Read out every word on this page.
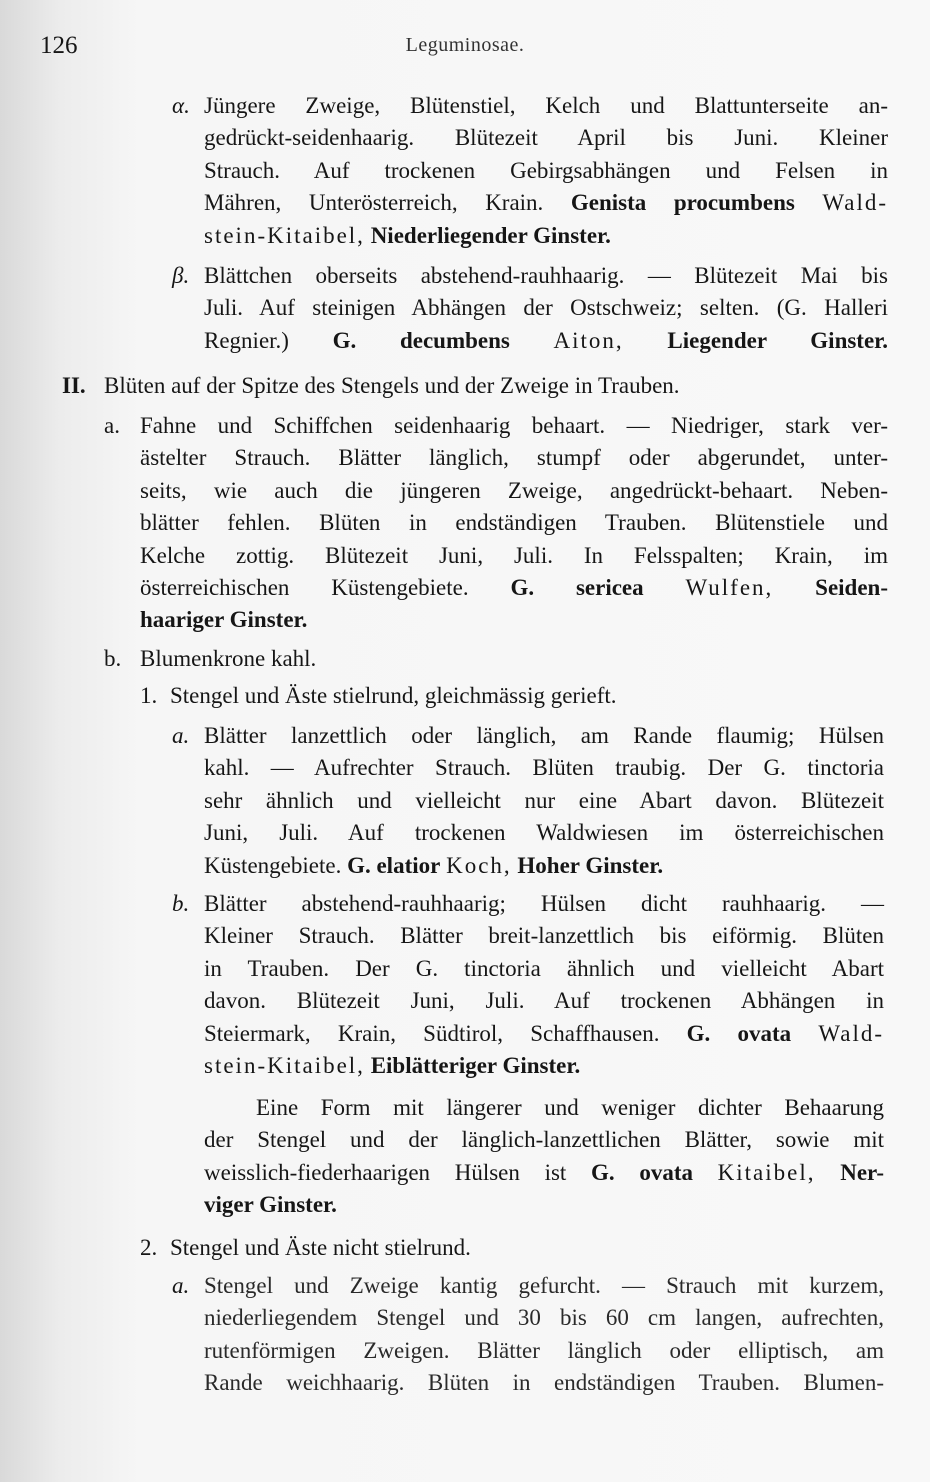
126	Leguminosae.
α. Jüngere Zweige, Blütenstiel, Kelch und Blattunterseite an-
gedrückt-seidenhaarig. Blütezeit April bis Juni. Kleiner
Strauch. Auf trockenen Gebirgsabhängen und Felsen in
Mähren, Unterösterreich, Krain. Genista procumbens Wald-
stein-Kitaibel, Niederliegender Ginster.
β. Blättchen oberseits abstehend-rauhhaarig. — Blütezeit Mai bis
Juli. Auf steinigen Abhängen der Ostschweiz; selten. (G. Halleri
Regnier.) G. decumbens Aiton, Liegender Ginster.
II. Blüten auf der Spitze des Stengels und der Zweige in Trauben.
a. Fahne und Schiffchen seidenhaarig behaart. — Niedriger, stark ver-
ästelter Strauch. Blätter länglich, stumpf oder abgerundet, unter-
seits, wie auch die jüngeren Zweige, angedrückt-behaart. Neben-
blätter fehlen. Blüten in endständigen Trauben. Blütenstiele und
Kelche zottig. Blütezeit Juni, Juli. In Felsspalten; Krain, im
österreichischen Küstengebiete. G. sericea Wulfen, Seiden-
haariger Ginster.
b. Blumenkrone kahl.
1. Stengel und Äste stielrund, gleichmässig gerieft.
a. Blätter lanzettlich oder länglich, am Rande flaumig; Hülsen
kahl. — Aufrechter Strauch. Blüten traubig. Der G. tinctoria
sehr ähnlich und vielleicht nur eine Abart davon. Blütezeit
Juni, Juli. Auf trockenen Waldwiesen im österreichischen
Küstengebiete. G. elatior Koch, Hoher Ginster.
b. Blätter abstehend-rauhhaarig; Hülsen dicht rauhhaarig. —
Kleiner Strauch. Blätter breit-lanzettlich bis eiförmig. Blüten
in Trauben. Der G. tinctoria ähnlich und vielleicht Abart
davon. Blütezeit Juni, Juli. Auf trockenen Abhängen in
Steiermark, Krain, Südtirol, Schaffhausen. G. ovata Wald-
stein-Kitaibel, Eiblätteriger Ginster.
Eine Form mit längerer und weniger dichter Behaarung
der Stengel und der länglich-lanzettlichen Blätter, sowie mit
weisslich-fiederhaarigen Hülsen ist G. ovata Kitaibel, Ner-
viger Ginster.
2. Stengel und Äste nicht stielrund.
a. Stengel und Zweige kantig gefurcht. — Strauch mit kurzem,
niederliegendem Stengel und 30 bis 60 cm langen, aufrechten,
rutenförmigen Zweigen. Blätter länglich oder elliptisch, am
Rande weichhaarig. Blüten in endständigen Trauben. Blumen-
